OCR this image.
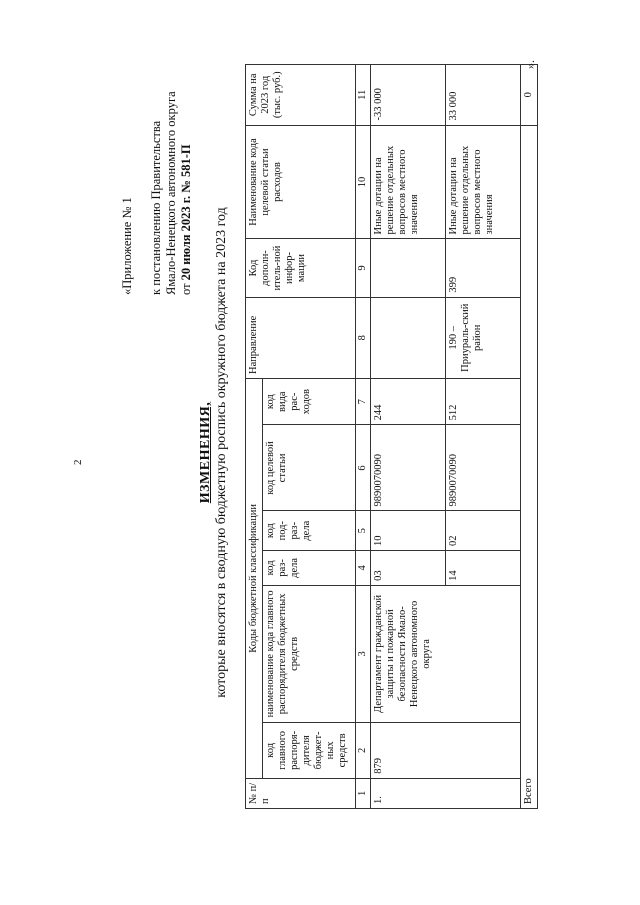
2
«Приложение № 1 к постановлению Правительства Ямало-Ненецкого автономного округа от 20 июля 2023 г. № 581-П
ИЗМЕНЕНИЯ, которые вносятся в сводную бюджетную роспись окружного бюджета на 2023 год
№ п/п	Коды бюджетной классификации						Направление	Код дополн-итель-ной инфор-мации	Наименование кода целевой статьи расходов	Сумма на 2023 год (тыс. руб.)
	код главного распоря-дителя бюджет-ных средств	наименование кода главного распорядителя бюджетных средств	код раз-дела	код под-раз-дела	код целевой статьи	код вида рас-ходов				
1	2	3	4	5	6	7	8	9	10	11
1.	879	Департамент гражданской защиты и пожарной безопасности Ямало-Ненецкого автономного округа	03	10	9890070090	244			Иные дотации на решение отдельных вопросов местного значения	-33 000
			14	02	9890070090	512	190 – Приураль-ский район	399	Иные дотации на решение отдельных вопросов местного значения	33 000
Всего										0
».
